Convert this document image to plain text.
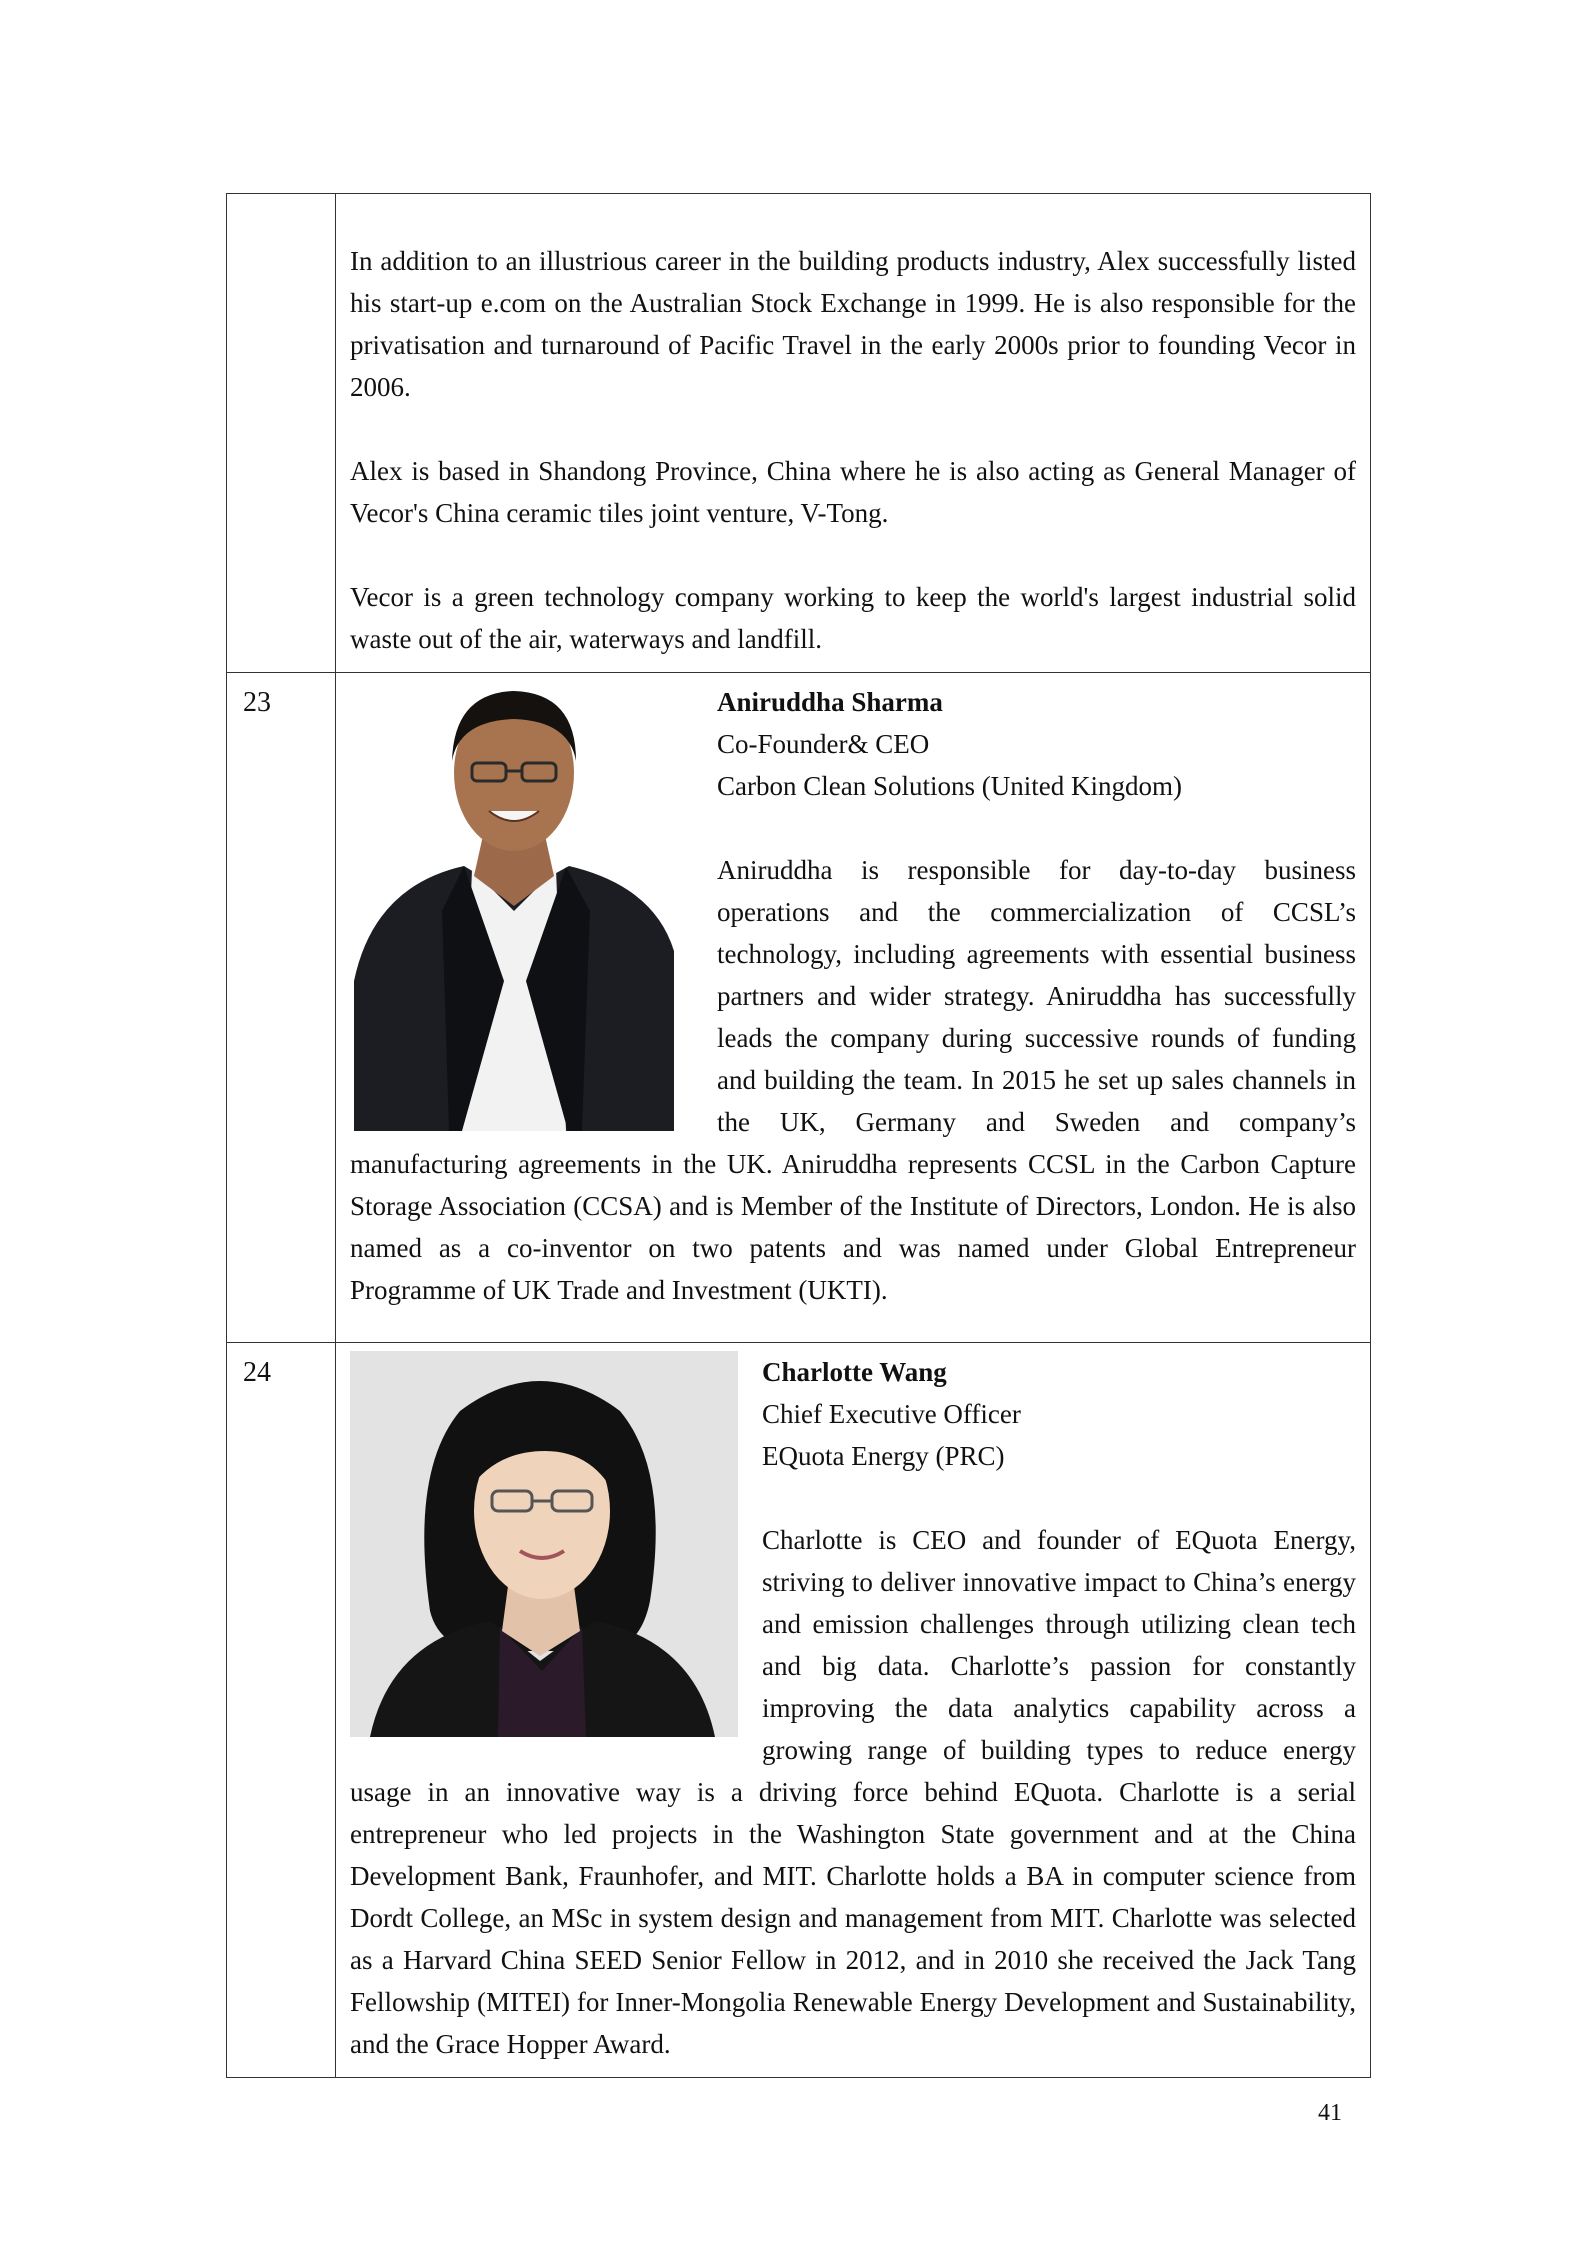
	In addition to an illustrious career in the building products industry, Alex successfully listed his start-up e.com on the Australian Stock Exchange in 1999. He is also responsible for the privatisation and turnaround of Pacific Travel in the early 2000s prior to founding Vecor in 2006.

Alex is based in Shandong Province, China where he is also acting as General Manager of Vecor's China ceramic tiles joint venture, V-Tong.

Vecor is a green technology company working to keep the world's largest industrial solid waste out of the air, waterways and landfill.

23	Aniruddha Sharma

Co-Founder& CEO

Carbon Clean Solutions (United Kingdom)

Aniruddha is responsible for day-to-day business operations and the commercialization of CCSL’s technology, including agreements with essential business partners and wider strategy. Aniruddha has successfully leads the company during successive rounds of funding and building the team. In 2015 he set up sales channels in the UK, Germany and Sweden and company’s manufacturing agreements in the UK. Aniruddha represents CCSL in the Carbon Capture Storage Association (CCSA) and is Member of the Institute of Directors, London. He is also named as a co-inventor on two patents and was named under Global Entrepreneur Programme of UK Trade and Investment (UKTI).

24	Charlotte Wang

Chief Executive Officer

EQuota Energy (PRC)

Charlotte is CEO and founder of EQuota Energy, striving to deliver innovative impact to China’s energy and emission challenges through utilizing clean tech and big data. Charlotte’s passion for constantly improving the data analytics capability across a growing range of building types to reduce energy usage in an innovative way is a driving force behind EQuota. Charlotte is a serial entrepreneur who led projects in the Washington State government and at the China Development Bank, Fraunhofer, and MIT. Charlotte holds a BA in computer science from Dordt College, an MSc in system design and management from MIT. Charlotte was selected as a Harvard China SEED Senior Fellow in 2012, and in 2010 she received the Jack Tang Fellowship (MITEI) for Inner-Mongolia Renewable Energy Development and Sustainability, and the Grace Hopper Award.

41
